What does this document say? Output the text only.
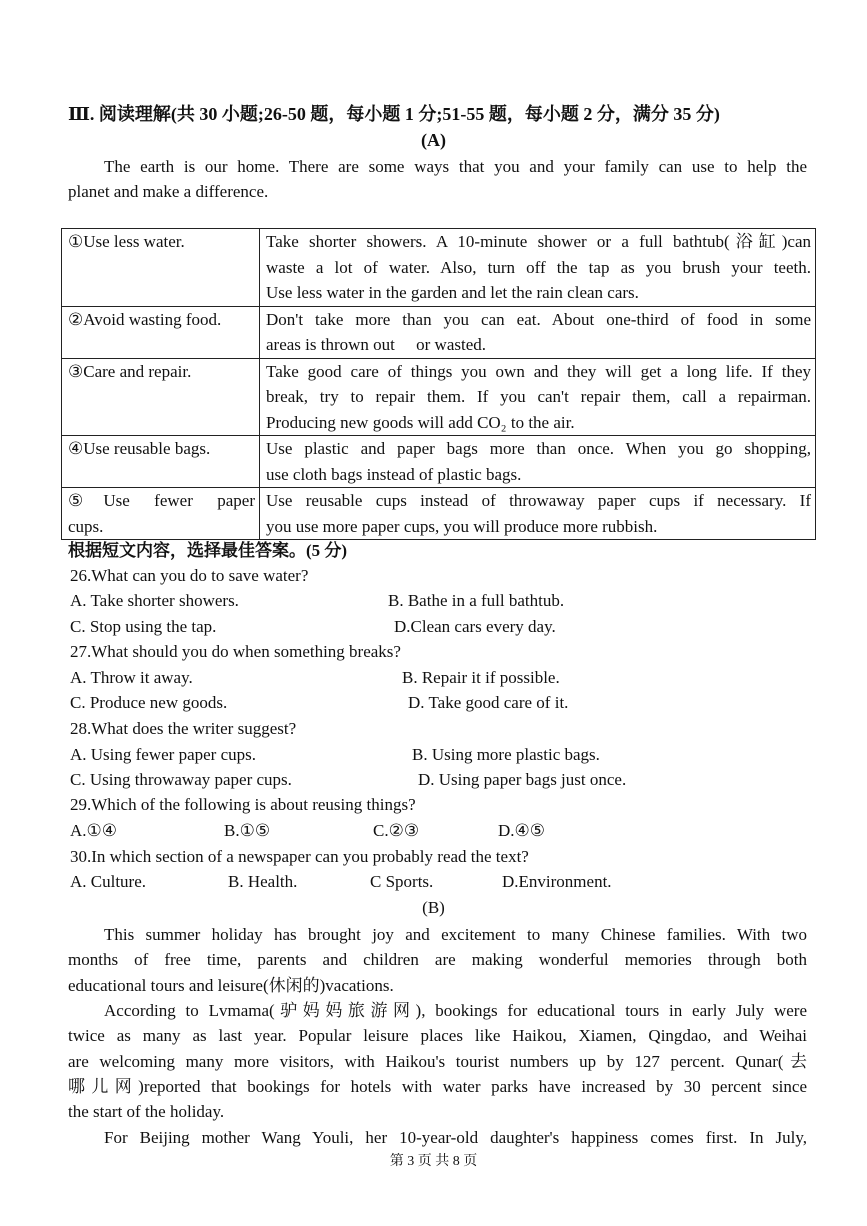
Ⅲ. 阅读理解(共 30 小题;26-50 题，每小题 1 分;51-55 题，每小题 2 分，满分 35 分)
(A)
The earth is our home. There are some ways that you and your family can use to help the
planet and make a difference.
①Use less water.	Take shorter showers. A 10-minute shower or a full bathtub(浴缸)can
waste a lot of water. Also, turn off the tap as you brush your teeth.
Use less water in the garden and let the rain clean cars.
②Avoid wasting food.	Don't take more than you can eat. About one-third of food in some
areas is thrown out     or wasted.
③Care and repair.	Take good care of things you own and they will get a long life. If they
break, try to repair them. If you can't repair them, call a repairman.
Producing new goods will add CO₂ to the air.
④Use reusable bags.	Use plastic and paper bags more than once. When you go shopping,
use cloth bags instead of plastic bags.

⑤Use fewer paper
cups.	Use reusable cups instead of throwaway paper cups if necessary. If
you use more paper cups, you will produce more rubbish.
根据短文内容，选择最佳答案。(5 分)
26.What can you do to save water?
A. Take shorter showers.	B. Bathe in a full bathtub.
C. Stop using the tap.	D.Clean cars every day.
27.What should you do when something breaks?
A. Throw it away.	B. Repair it if possible.
C. Produce new goods.	D. Take good care of it.
28.What does the writer suggest?
A. Using fewer paper cups.	B. Using more plastic bags.
C. Using throwaway paper cups.	D. Using paper bags just once.
29.Which of the following is about reusing things?
A.①④	B.①⑤	C.②③	D.④⑤
30.In which section of a newspaper can you probably read the text?
A. Culture.	B. Health.	C Sports.	D.Environment.
(B)
This summer holiday has brought joy and excitement to many Chinese families. With two
months of free time, parents and children are making wonderful memories through both
educational tours and leisure(休闲的)vacations.
According to Lvmama(驴妈妈旅游网), bookings for educational tours in early July were
twice as many as last year. Popular leisure places like Haikou, Xiamen, Qingdao, and Weihai
are welcoming many more visitors, with Haikou's tourist numbers up by 127 percent. Qunar(去
哪儿网)reported that bookings for hotels with water parks have increased by 30 percent since
the start of the holiday.
For Beijing mother Wang Youli, her 10-year-old daughter's happiness comes first. In July,
第 3 页 共 8 页
